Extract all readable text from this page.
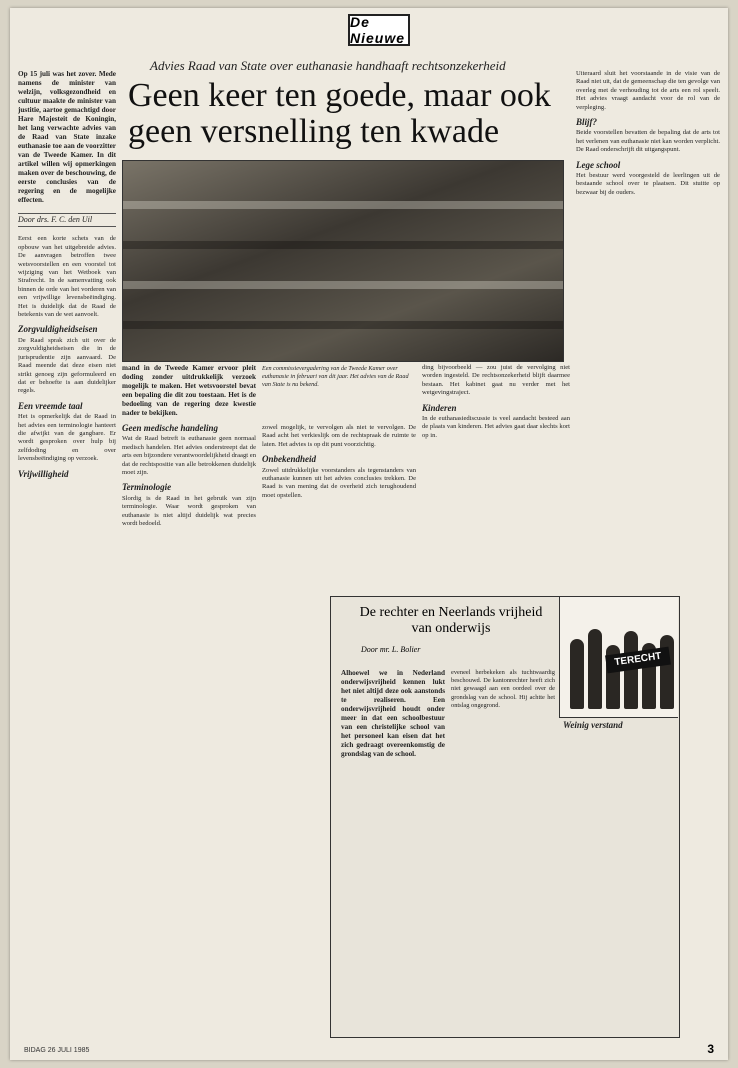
De Nieuwe
Advies Raad van State over euthanasie handhaaft rechtsonzekerheid
Geen keer ten goede, maar ook geen versnelling ten kwade

Op 15 juli was het zover. Mede namens de minister van welzijn, volksgezondheid en cultuur maakte de minister van justitie, aartoe gemachtigd door Hare Majesteit de Koningin, het lang verwachte advies van de Raad van State inzake euthanasie toe aan de voorzitter van de Tweede Kamer. In dit artikel willen wij opmerkingen maken over de beschouwing, de eerste conclusies van de regering en de mogelijke effecten.

Door drs. F. C. den Uil

Eerst een korte schets van de opbouw van het uitgebreide advies. De aanvragen betroffen twee wetsvoorstellen en een voorstel tot wijziging van het Wetboek van Strafrecht. In de samenvatting ook binnen de orde van het vorderen van een vrijwillige levensbeëindiging. Het is duidelijk dat de Raad de betekenis van de wet aanvoelt.

Zorgvuldigheidseisen

De Raad sprak zich uit over de zorgvuldigheidseisen die in de jurisprudentie zijn aanvaard. De Raad meende dat deze eisen niet strikt genoeg zijn geformuleerd en dat er behoefte is aan duidelijker regels.

Een vreemde taal

Het is opmerkelijk dat de Raad in het advies een terminologie hanteert die afwijkt van de gangbare. Er wordt gesproken over hulp bij zelfdoding en over levensbeëindiging op verzoek.

Vrijwilligheid

mand in de Tweede Kamer ervoor pleit doding zonder uitdrukkelijk verzoek mogelijk te maken. Het wetsvoorstel bevat een bepaling die dit zou toestaan. Het is de bedoeling van de regering deze kwestie nader te bekijken.

Geen medische handeling

Wat de Raad betreft is euthanasie geen normaal medisch handelen. Het advies onderstreept dat de arts een bijzondere verantwoordelijkheid draagt en dat de rechtspositie van alle betrokkenen duidelijk moet zijn.

Terminologie

Slordig is de Raad in het gebruik van zijn terminologie. Waar wordt gesproken van euthanasie is niet altijd duidelijk wat precies wordt bedoeld.

Een commissievergadering van de Tweede Kamer over euthanasie in februari van dit jaar. Het advies van de Raad van State is nu bekend.

zowel mogelijk, te vervolgen als niet te vervolgen. De Raad acht het verkieslijk om de rechtspraak de ruimte te laten. Het advies is op dit punt voorzichtig.

Onbekendheid

Zowel uitdrukkelijke voorstanders als tegenstanders van euthanasie kunnen uit het advies conclusies trekken. De Raad is van mening dat de overheid zich terughoudend moet opstellen.

ding bijvoorbeeld — zou juist de vervolging niet worden ingesteld. De rechtsonzekerheid blijft daarmee bestaan. Het kabinet gaat nu verder met het wetgevingstraject.

Kinderen

In de euthanasiediscussie is veel aandacht besteed aan de plaats van kinderen. Het advies gaat daar slechts kort op in.

Uiteraard sluit het voorstaande in de visie van de Raad niet uit, dat de gemeenschap die ten gevolge van overleg met de verhouding tot de arts een rol speelt. Het advies vraagt aandacht voor de rol van de verpleging.

Blijf?

Beide voorstellen bevatten de bepaling dat de arts tot het verlenen van euthanasie niet kan worden verplicht. De Raad onderschrijft dit uitgangspunt.

Lege school

Het bestuur werd voorgesteld de leerlingen uit de bestaande school over te plaatsen. Dit stuitte op bezwaar bij de ouders.

De rechter en Neerlands vrijheid van onderwijs
Door mr. L. Bolier
TERECHT

Alhoewel we in Nederland onderwijsvrijheid kennen lukt het niet altijd deze ook aanstonds te realiseren. Een onderwijsvrijheid houdt onder meer in dat een schoolbestuur van een christelijke school van het personeel kan eisen dat het zich gedraagt overeenkomstig de grondslag van de school.

eveneel herbekeken als tuchtwaardig beschouwd. De kantonrechter heeft zich niet gewaagd aan een oordeel over de grondslag van de school. Hij achtte het ontslag ongegrond.

Weinig verstand
BIDAG 26 JULI 1985	3
